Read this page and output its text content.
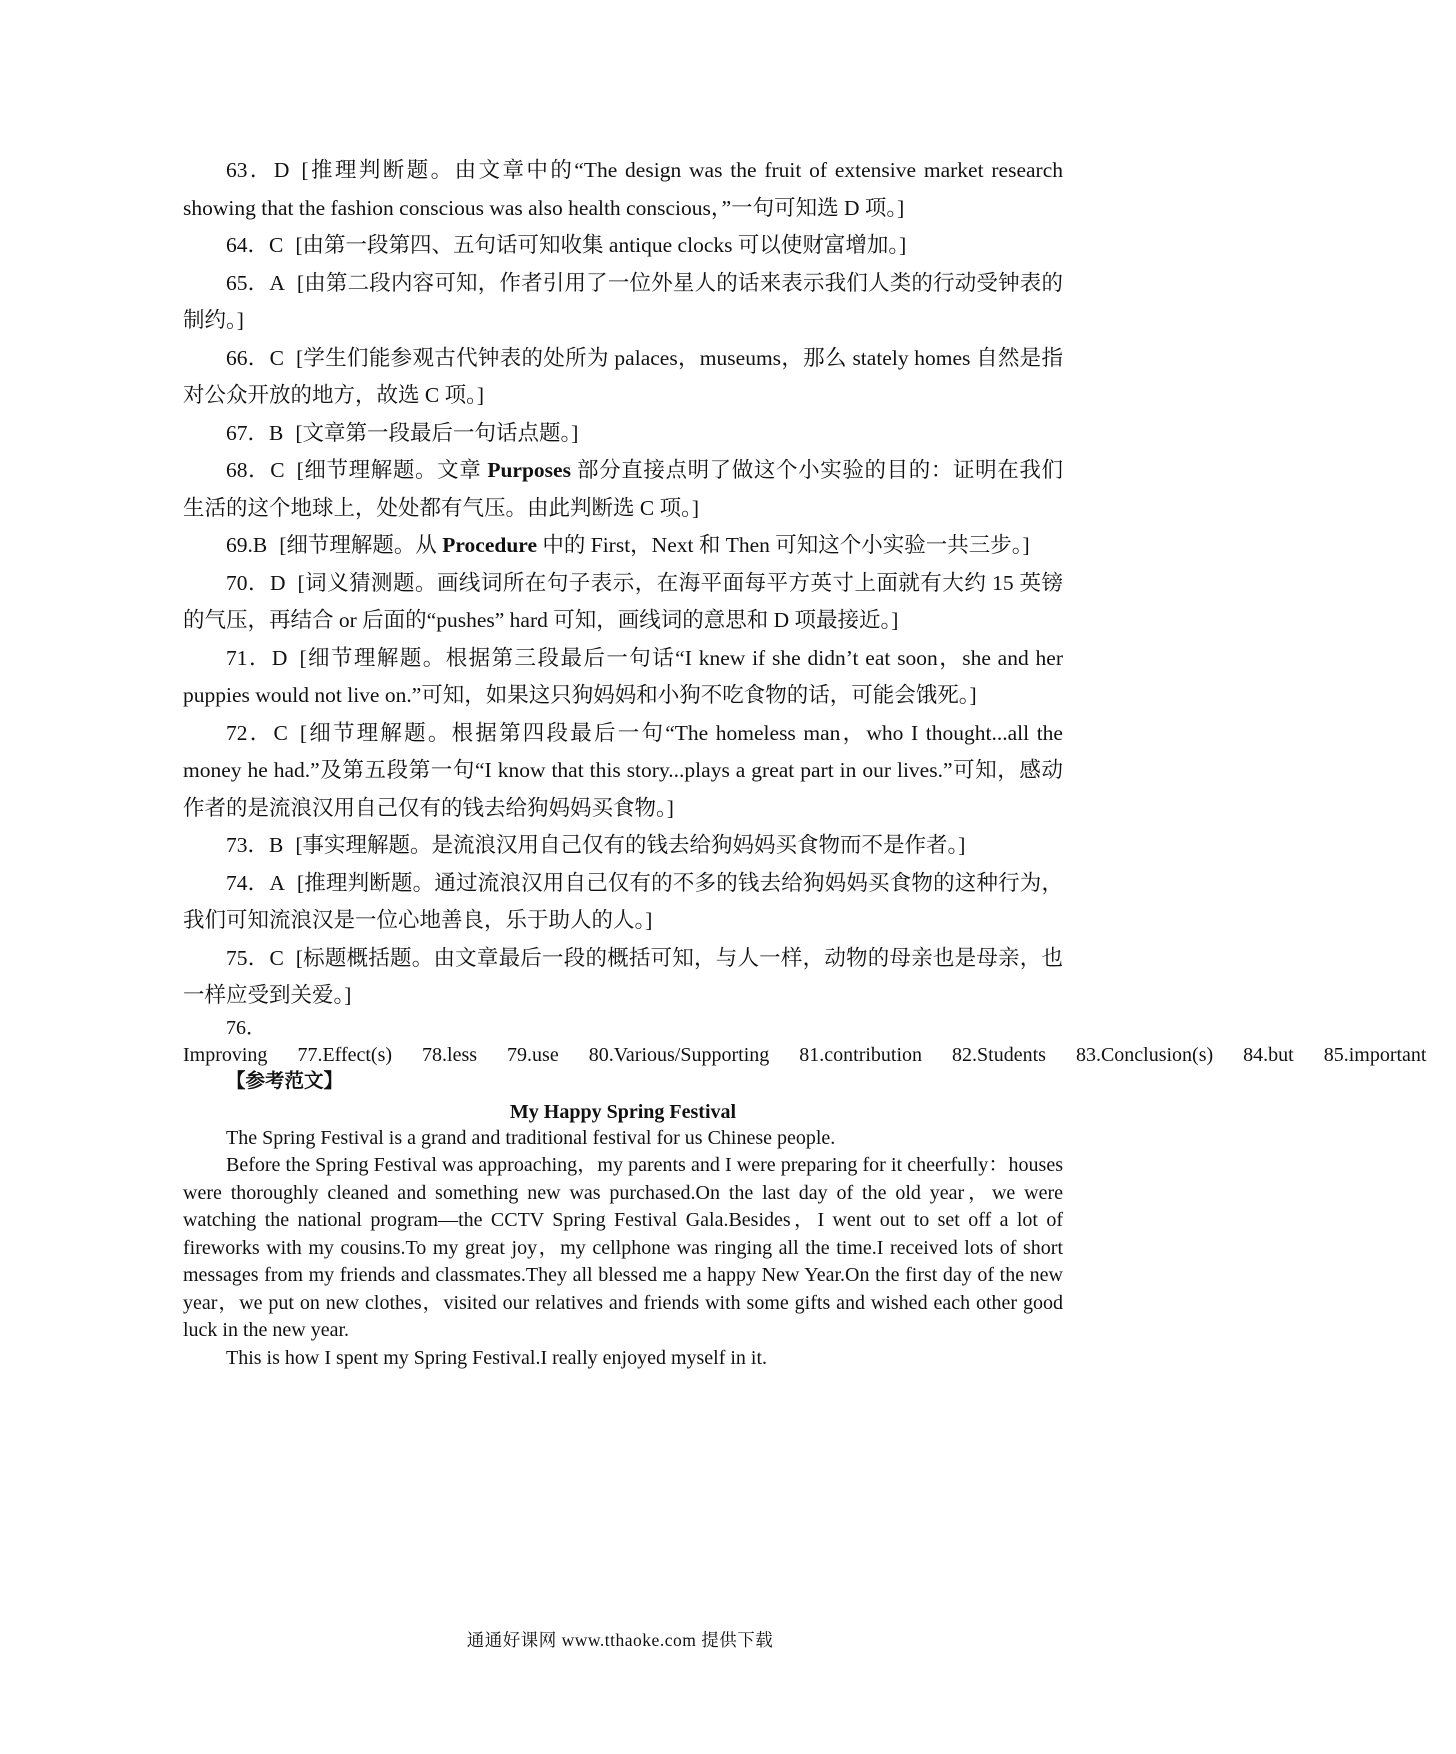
63．D [推理判断题。由文章中的“The design was the fruit of extensive market research showing that the fashion conscious was also health conscious，”一句可知选 D 项。]

64．C [由第一段第四、五句话可知收集 antique clocks 可以使财富增加。]

65．A [由第二段内容可知，作者引用了一位外星人的话来表示我们人类的行动受钟表的制约。]

66．C [学生们能参观古代钟表的处所为 palaces，museums，那么 stately homes 自然是指对公众开放的地方，故选 C 项。]

67．B [文章第一段最后一句话点题。]

68．C [细节理解题。文章 Purposes 部分直接点明了做这个小实验的目的：证明在我们生活的这个地球上，处处都有气压。由此判断选 C 项。]

69.B [细节理解题。从 Procedure 中的 First，Next 和 Then 可知这个小实验一共三步。]

70．D [词义猜测题。画线词所在句子表示，在海平面每平方英寸上面就有大约 15 英镑的气压，再结合 or 后面的“pushes” hard 可知，画线词的意思和 D 项最接近。]

71．D [细节理解题。根据第三段最后一句话“I knew if she didn’t eat soon，she and her puppies would not live on.”可知，如果这只狗妈妈和小狗不吃食物的话，可能会饿死。]

72．C [细节理解题。根据第四段最后一句“The homeless man，who I thought...all the money he had.”及第五段第一句“I know that this story...plays a great part in our lives.”可知，感动作者的是流浪汉用自己仅有的钱去给狗妈妈买食物。]

73．B [事实理解题。是流浪汉用自己仅有的钱去给狗妈妈买食物而不是作者。]

74．A [推理判断题。通过流浪汉用自己仅有的不多的钱去给狗妈妈买食物的这种行为，我们可知流浪汉是一位心地善良，乐于助人的人。]

75．C [标题概括题。由文章最后一段的概括可知，与人一样，动物的母亲也是母亲，也一样应受到关爱。]

76．Improving 77.Effect(s) 78.less 79.use 80.Various/Supporting 81.contribution 82.Students 83.Conclusion(s) 84.but 85.important

【参考范文】

My Happy Spring Festival

The Spring Festival is a grand and traditional festival for us Chinese people.

Before the Spring Festival was approaching，my parents and I were preparing for it cheerfully：houses were thoroughly cleaned and something new was purchased.On the last day of the old year，we were watching the national program—the CCTV Spring Festival Gala.Besides，I went out to set off a lot of fireworks with my cousins.To my great joy，my cellphone was ringing all the time.I received lots of short messages from my friends and classmates.They all blessed me a happy New Year.On the first day of the new year，we put on new clothes，visited our relatives and friends with some gifts and wished each other good luck in the new year.

This is how I spent my Spring Festival.I really enjoyed myself in it.

通通好课网 www.tthaoke.com 提供下载
